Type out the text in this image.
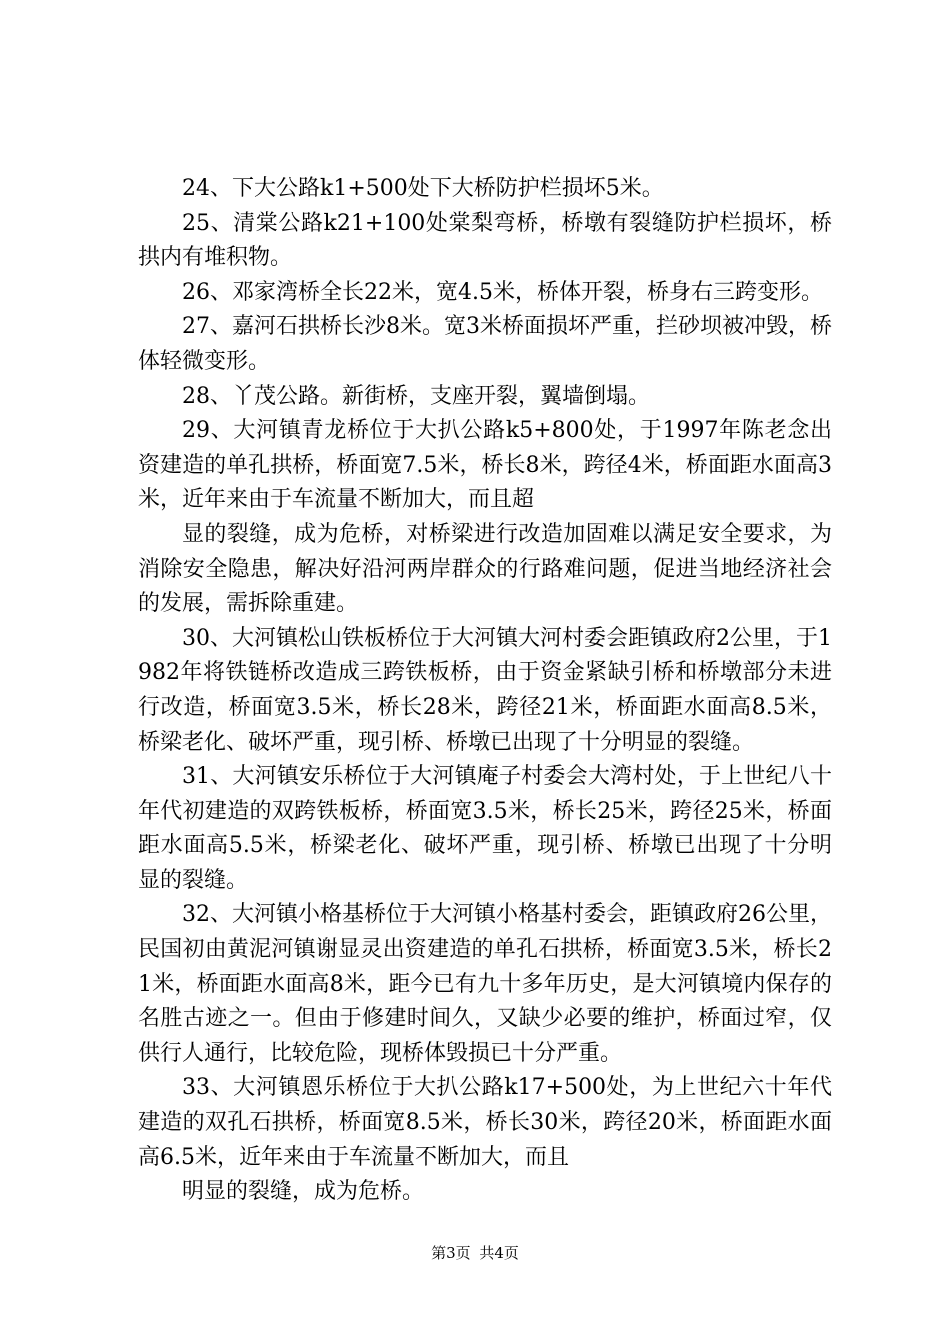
24、下大公路k1+500处下大桥防护栏损坏5米。

25、清棠公路k21+100处棠梨弯桥，桥墩有裂缝防护栏损坏，桥拱内有堆积物。

26、邓家湾桥全长22米，宽4.5米，桥体开裂，桥身右三跨变形。

27、嘉河石拱桥长沙8米。宽3米桥面损坏严重，拦砂坝被冲毁，桥体轻微变形。

28、丫茂公路。新街桥，支座开裂，翼墙倒塌。

29、大河镇青龙桥位于大扒公路k5+800处，于1997年陈老念出资建造的单孔拱桥，桥面宽7.5米，桥长8米，跨径4米，桥面距水面高3米，近年来由于车流量不断加大，而且超

显的裂缝，成为危桥，对桥梁进行改造加固难以满足安全要求，为消除安全隐患，解决好沿河两岸群众的行路难问题，促进当地经济社会的发展，需拆除重建。

30、大河镇松山铁板桥位于大河镇大河村委会距镇政府2公里，于1982年将铁链桥改造成三跨铁板桥，由于资金紧缺引桥和桥墩部分未进行改造，桥面宽3.5米，桥长28米，跨径21米，桥面距水面高8.5米，桥梁老化、破坏严重，现引桥、桥墩已出现了十分明显的裂缝。

31、大河镇安乐桥位于大河镇庵子村委会大湾村处，于上世纪八十年代初建造的双跨铁板桥，桥面宽3.5米，桥长25米，跨径25米，桥面距水面高5.5米，桥梁老化、破坏严重，现引桥、桥墩已出现了十分明显的裂缝。

32、大河镇小格基桥位于大河镇小格基村委会，距镇政府26公里，民国初由黄泥河镇谢显灵出资建造的单孔石拱桥，桥面宽3.5米，桥长21米，桥面距水面高8米，距今已有九十多年历史，是大河镇境内保存的名胜古迹之一。但由于修建时间久，又缺少必要的维护，桥面过窄，仅供行人通行，比较危险，现桥体毁损已十分严重。

33、大河镇恩乐桥位于大扒公路k17+500处，为上世纪六十年代建造的双孔石拱桥，桥面宽8.5米，桥长30米，跨径20米，桥面距水面高6.5米，近年来由于车流量不断加大，而且

明显的裂缝，成为危桥。

第3页 共4页
